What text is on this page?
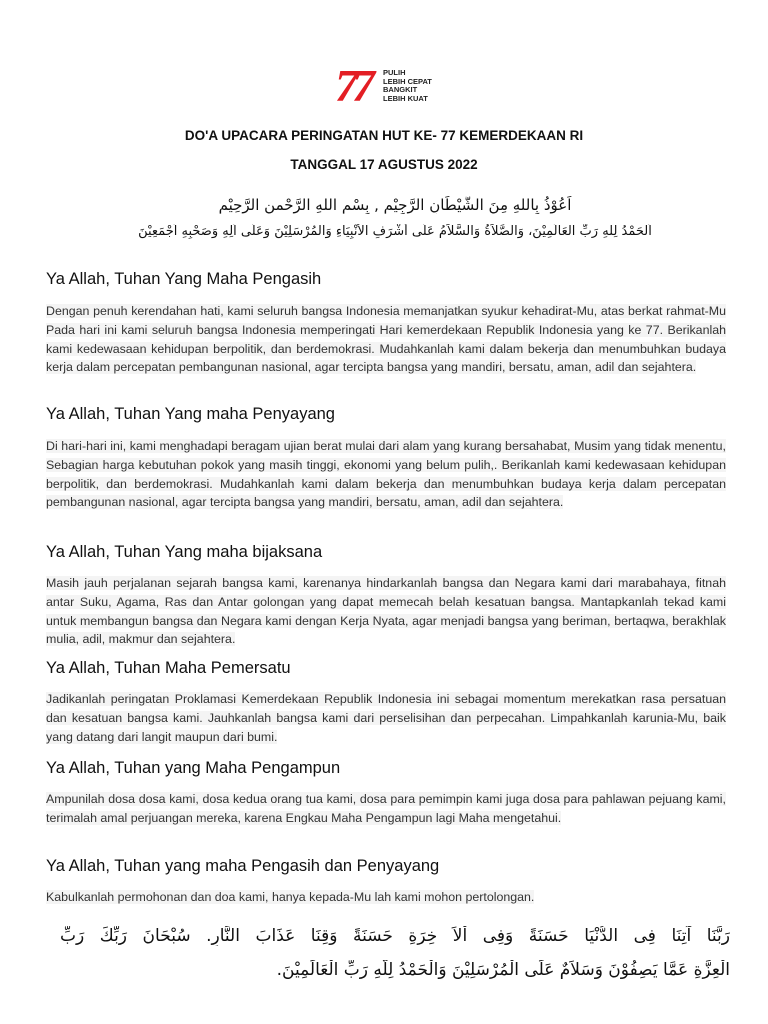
77	PULIH
LEBIH CEPAT
BANGKIT
LEBIH KUAT
DO'A UPACARA PERINGATAN HUT KE- 77 KEMERDEKAAN RI
TANGGAL 17 AGUSTUS 2022
اَعُوْذُ بِاللهِ مِنَ الشَّيْطَانِ الرَّجِيْم , بِسْمِ اللهِ الرَّحْمنِ الرَّحِيْمِ
اَلْحَمْدُ لِلّهِ رَبِّ الْعَالَمِيْنَ، وَالصَّلاَةُ وَالسَّلاَمُ عَلَى أَشْرَفِ اْلأَنْبِيَاءِ وَالْمُرْسَلِيْنَ وَعَلَى اَلِهِ وَصَحْبِهِ اَجْمَعِيْنَ
Ya Allah, Tuhan Yang Maha Pengasih
Dengan penuh kerendahan hati, kami seluruh bangsa Indonesia memanjatkan syukur kehadirat-Mu, atas berkat rahmat-Mu Pada hari ini kami seluruh bangsa Indonesia memperingati Hari kemerdekaan Republik Indonesia yang ke 77. Berikanlah kami kedewasaan kehidupan berpolitik, dan berdemokrasi. Mudahkanlah kami dalam bekerja dan menumbuhkan budaya kerja dalam percepatan pembangunan nasional, agar tercipta bangsa yang mandiri, bersatu, aman, adil dan sejahtera.
Ya Allah, Tuhan Yang maha Penyayang
Di hari-hari ini, kami menghadapi beragam ujian berat mulai dari alam yang kurang bersahabat, Musim yang tidak menentu, Sebagian harga kebutuhan pokok yang masih tinggi, ekonomi yang belum pulih,. Berikanlah kami kedewasaan kehidupan berpolitik, dan berdemokrasi. Mudahkanlah kami dalam bekerja dan menumbuhkan budaya kerja dalam percepatan pembangunan nasional, agar tercipta bangsa yang mandiri, bersatu, aman, adil dan sejahtera.
Ya Allah, Tuhan Yang maha bijaksana
Masih jauh perjalanan sejarah bangsa kami, karenanya hindarkanlah bangsa dan Negara kami dari marabahaya, fitnah antar Suku, Agama, Ras dan Antar golongan yang dapat memecah belah kesatuan bangsa. Mantapkanlah tekad kami untuk membangun bangsa dan Negara kami dengan Kerja Nyata, agar menjadi bangsa yang beriman, bertaqwa, berakhlak mulia, adil, makmur dan sejahtera.
Ya Allah, Tuhan Maha Pemersatu
Jadikanlah peringatan Proklamasi Kemerdekaan Republik Indonesia ini sebagai momentum merekatkan rasa persatuan dan kesatuan bangsa kami. Jauhkanlah bangsa kami dari perselisihan dan perpecahan. Limpahkanlah karunia-Mu, baik yang datang dari langit maupun dari bumi.
Ya Allah, Tuhan yang Maha Pengampun
Ampunilah dosa dosa kami, dosa kedua orang tua kami, dosa para pemimpin kami juga dosa para pahlawan pejuang kami, terimalah amal perjuangan mereka, karena Engkau Maha Pengampun lagi Maha mengetahui.
Ya Allah, Tuhan yang maha Pengasih dan Penyayang
Kabulkanlah permohonan dan doa kami, hanya kepada-Mu lah kami mohon pertolongan.
رَبَّنَا آتِنَا فِى الدُّنْيَا حَسَنَةً وَفِى اْلاَ خِرَةِ حَسَنَةً وَقِنَا عَذَابَ النَّارِ. سُبْحَانَ رَبِّكَ رَبِّ
الْعِزَّةِ عَمَّا يَصِفُوْنَ وَسَلاَمٌ عَلَى الْمُرْسَلِيْنَ وَالْحَمْدُ لِلّهِ رَبِّ الْعَالَمِيْنَ.
